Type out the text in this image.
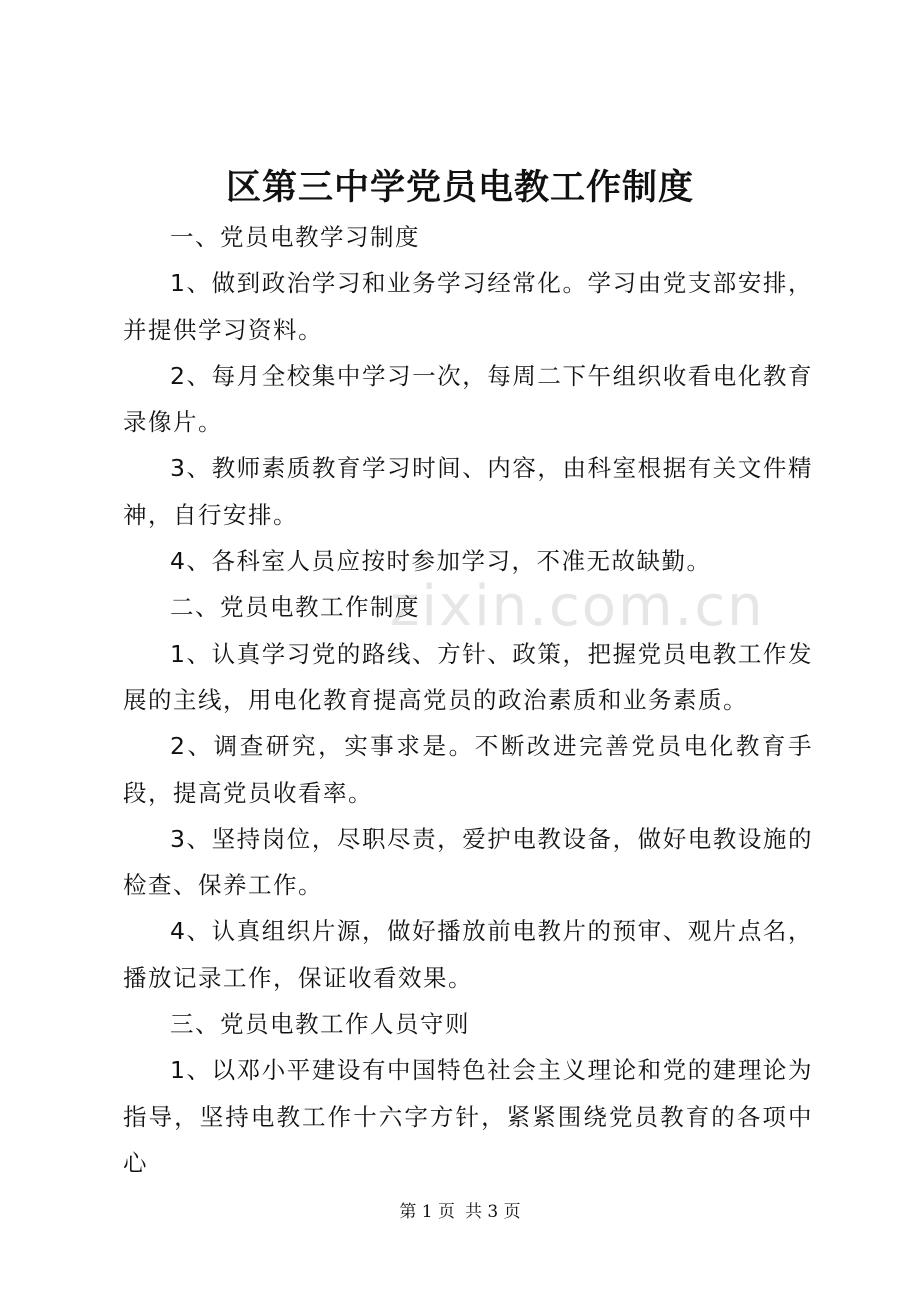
zixin.com.cn
区第三中学党员电教工作制度

一、党员电教学习制度

1、做到政治学习和业务学习经常化。学习由党支部安排，并提供学习资料。

2、每月全校集中学习一次，每周二下午组织收看电化教育录像片。

3、教师素质教育学习时间、内容，由科室根据有关文件精神，自行安排。

4、各科室人员应按时参加学习，不准无故缺勤。

二、党员电教工作制度

1、认真学习党的路线、方针、政策，把握党员电教工作发展的主线，用电化教育提高党员的政治素质和业务素质。

2、调查研究，实事求是。不断改进完善党员电化教育手段，提高党员收看率。

3、坚持岗位，尽职尽责，爱护电教设备，做好电教设施的检查、保养工作。

4、认真组织片源，做好播放前电教片的预审、观片点名，播放记录工作，保证收看效果。

三、党员电教工作人员守则

1、以邓小平建设有中国特色社会主义理论和党的建理论为指导，坚持电教工作十六字方针，紧紧围绕党员教育的各项中心

第 1 页 共 3 页
